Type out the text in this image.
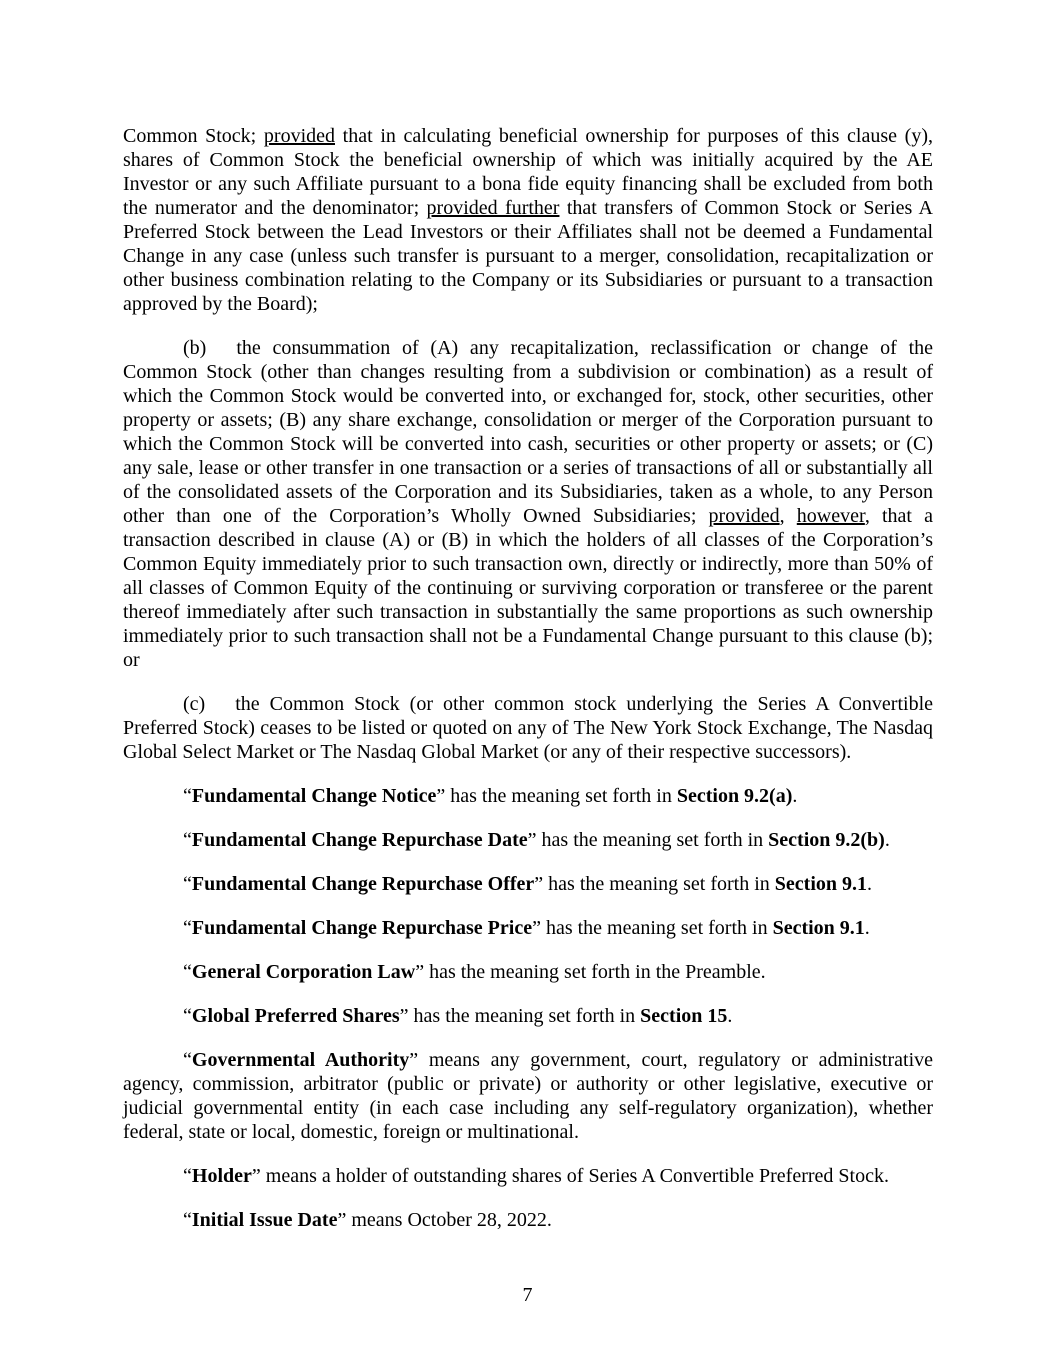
Common Stock; provided that in calculating beneficial ownership for purposes of this clause (y), shares of Common Stock the beneficial ownership of which was initially acquired by the AE Investor or any such Affiliate pursuant to a bona fide equity financing shall be excluded from both the numerator and the denominator; provided further that transfers of Common Stock or Series A Preferred Stock between the Lead Investors or their Affiliates shall not be deemed a Fundamental Change in any case (unless such transfer is pursuant to a merger, consolidation, recapitalization or other business combination relating to the Company or its Subsidiaries or pursuant to a transaction approved by the Board);

(b) the consummation of (A) any recapitalization, reclassification or change of the Common Stock (other than changes resulting from a subdivision or combination) as a result of which the Common Stock would be converted into, or exchanged for, stock, other securities, other property or assets; (B) any share exchange, consolidation or merger of the Corporation pursuant to which the Common Stock will be converted into cash, securities or other property or assets; or (C) any sale, lease or other transfer in one transaction or a series of transactions of all or substantially all of the consolidated assets of the Corporation and its Subsidiaries, taken as a whole, to any Person other than one of the Corporation’s Wholly Owned Subsidiaries; provided, however, that a transaction described in clause (A) or (B) in which the holders of all classes of the Corporation’s Common Equity immediately prior to such transaction own, directly or indirectly, more than 50% of all classes of Common Equity of the continuing or surviving corporation or transferee or the parent thereof immediately after such transaction in substantially the same proportions as such ownership immediately prior to such transaction shall not be a Fundamental Change pursuant to this clause (b); or

(c) the Common Stock (or other common stock underlying the Series A Convertible Preferred Stock) ceases to be listed or quoted on any of The New York Stock Exchange, The Nasdaq Global Select Market or The Nasdaq Global Market (or any of their respective successors).

“Fundamental Change Notice” has the meaning set forth in Section 9.2(a).

“Fundamental Change Repurchase Date” has the meaning set forth in Section 9.2(b).

“Fundamental Change Repurchase Offer” has the meaning set forth in Section 9.1.

“Fundamental Change Repurchase Price” has the meaning set forth in Section 9.1.

“General Corporation Law” has the meaning set forth in the Preamble.

“Global Preferred Shares” has the meaning set forth in Section 15.

“Governmental Authority” means any government, court, regulatory or administrative agency, commission, arbitrator (public or private) or authority or other legislative, executive or judicial governmental entity (in each case including any self-regulatory organization), whether federal, state or local, domestic, foreign or multinational.

“Holder” means a holder of outstanding shares of Series A Convertible Preferred Stock.

“Initial Issue Date” means October 28, 2022.

7
